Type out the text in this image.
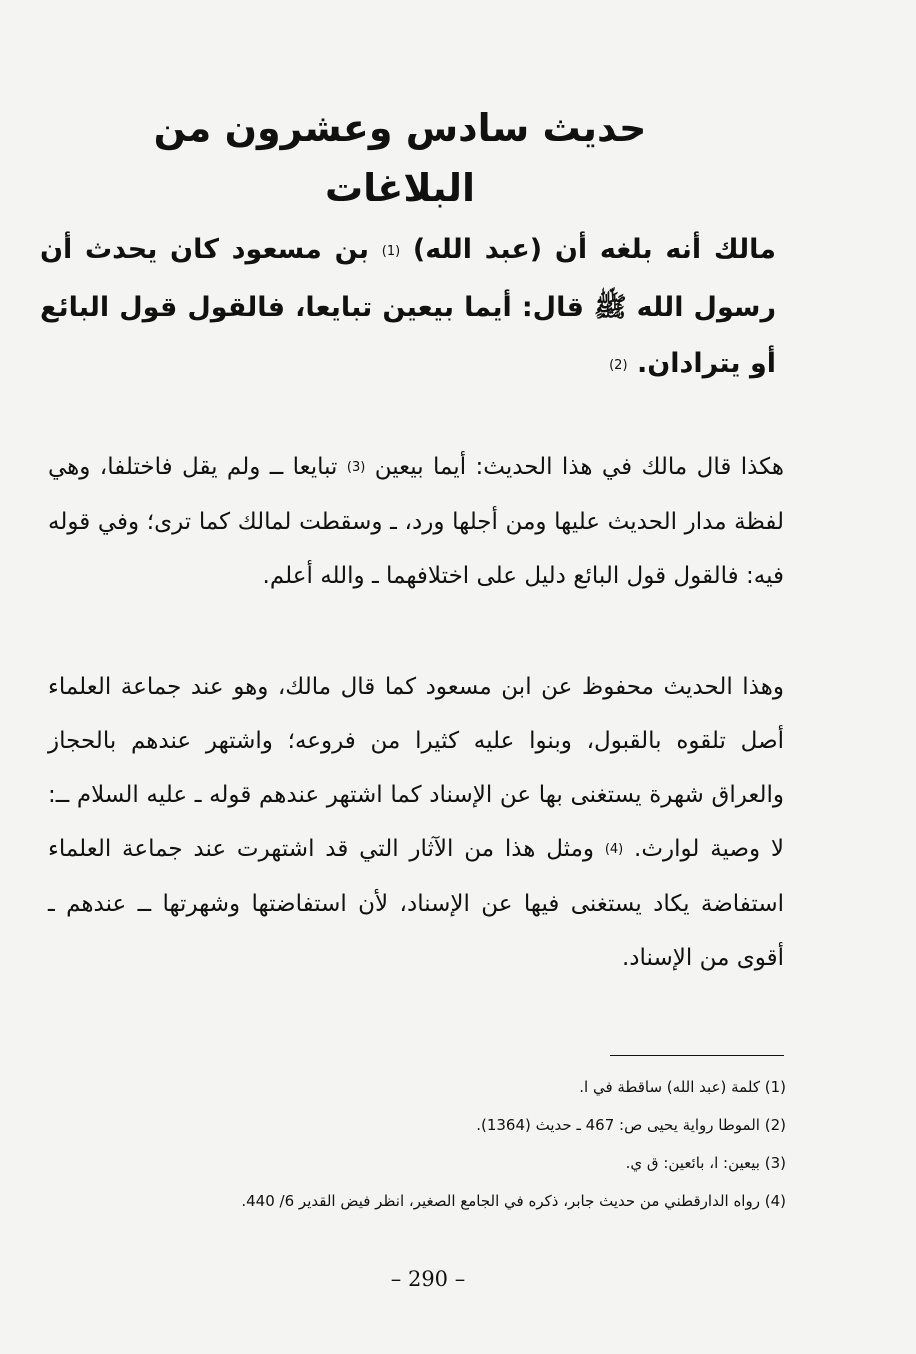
حديث سادس وعشرون من البلاغات
مالك أنه بلغه أن (عبد الله) $^{(1)}$ بن مسعود كان يحدث أن رسول الله ﷺ قال: أيما بيعين تبايعا، فالقول قول البائع أو يترادان. $^{(2)}$
هكذا قال مالك في هذا الحديث: أيما بيعين $^{(3)}$ تبايعا ــ ولم يقل فاختلفا، وهي لفظة مدار الحديث عليها ومن أجلها ورد، ـ وسقطت لمالك كما ترى؛ وفي قوله فيه: فالقول قول البائع دليل على اختلافهما ـ والله أعلم.
وهذا الحديث محفوظ عن ابن مسعود كما قال مالك، وهو عند جماعة العلماء أصل تلقوه بالقبول، وبنوا عليه كثيرا من فروعه؛ واشتهر عندهم بالحجاز والعراق شهرة يستغنى بها عن الإسناد كما اشتهر عندهم قوله ـ عليه السلام ــ: لا وصية لوارث. $^{(4)}$ ومثل هذا من الآثار التي قد اشتهرت عند جماعة العلماء استفاضة يكاد يستغنى فيها عن الإسناد، لأن استفاضتها وشهرتها ــ عندهم ـ أقوى من الإسناد.
(1) كلمة (عبد الله) ساقطة في ا.
(2) الموطا رواية يحيى ص: 467 ـ حديث (1364).
(3) بيعين: ا، بائعين: ق ي.
(4) رواه الدارقطني من حديث جابر، ذكره في الجامع الصغير، انظر فيض القدير 6/ 440.
– 290 –
